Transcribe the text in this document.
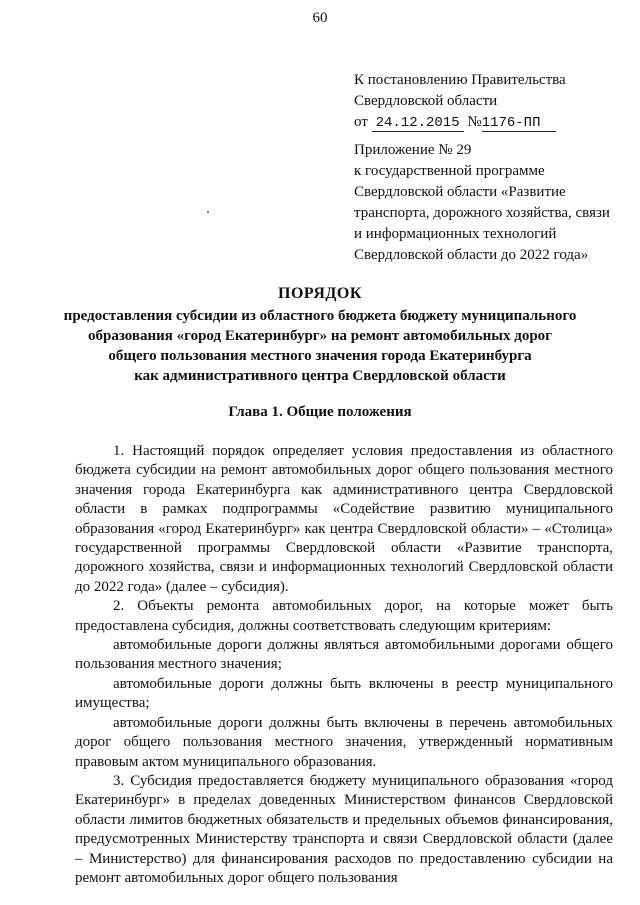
60
К постановлению Правительства
Свердловской области
от 24.12.2015 №1176-ПП
Приложение № 29
к государственной программе
Свердловской области «Развитие
транспорта, дорожного хозяйства, связи
и информационных технологий
Свердловской области до 2022 года»
ПОРЯДОК
предоставления субсидии из областного бюджета бюджету муниципального
образования «город Екатеринбург» на ремонт автомобильных дорог
общего пользования местного значения города Екатеринбурга
как административного центра Свердловской области
Глава 1. Общие положения

1. Настоящий порядок определяет условия предоставления из областного бюджета субсидии на ремонт автомобильных дорог общего пользования местного значения города Екатеринбурга как административного центра Свердловской области в рамках подпрограммы «Содействие развитию муниципального образования «город Екатеринбург» как центра Свердловской области» – «Столица» государственной программы Свердловской области «Развитие транспорта, дорожного хозяйства, связи и информационных технологий Свердловской области до 2022 года» (далее – субсидия).

2. Объекты ремонта автомобильных дорог, на которые может быть предоставлена субсидия, должны соответствовать следующим критериям:

автомобильные дороги должны являться автомобильными дорогами общего пользования местного значения;

автомобильные дороги должны быть включены в реестр муниципального имущества;

автомобильные дороги должны быть включены в перечень автомобильных дорог общего пользования местного значения, утвержденный нормативным правовым актом муниципального образования.

3. Субсидия предоставляется бюджету муниципального образования «город Екатеринбург» в пределах доведенных Министерством финансов Свердловской области лимитов бюджетных обязательств и предельных объемов финансирования, предусмотренных Министерству транспорта и связи Свердловской области (далее – Министерство) для финансирования расходов по предоставлению субсидии на ремонт автомобильных дорог общего пользования
